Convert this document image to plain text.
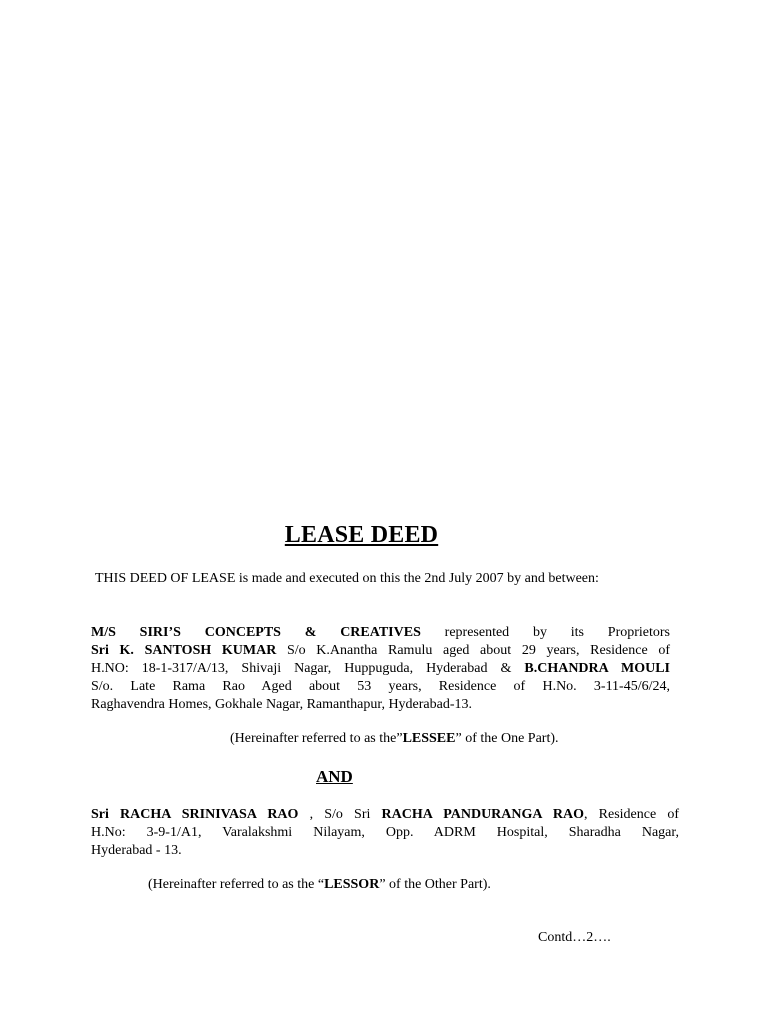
LEASE DEED
THIS DEED OF LEASE is made and executed on this the 2nd July 2007 by and between:
M/S SIRI’S CONCEPTS & CREATIVES represented by its Proprietors
Sri K. SANTOSH KUMAR S/o K.Anantha Ramulu aged about 29 years, Residence of
H.NO: 18-1-317/A/13, Shivaji Nagar, Huppuguda, Hyderabad & B.CHANDRA MOULI
S/o. Late Rama Rao Aged about 53 years, Residence of H.No. 3-11-45/6/24,
Raghavendra Homes, Gokhale Nagar, Ramanthapur, Hyderabad-13.
(Hereinafter referred to as the”LESSEE” of the One Part).
AND
Sri RACHA SRINIVASA RAO , S/o Sri RACHA PANDURANGA RAO, Residence of
H.No: 3-9-1/A1, Varalakshmi Nilayam, Opp. ADRM Hospital, Sharadha Nagar,
Hyderabad - 13.
(Hereinafter referred to as the “LESSOR” of the Other Part).
Contd…2….
